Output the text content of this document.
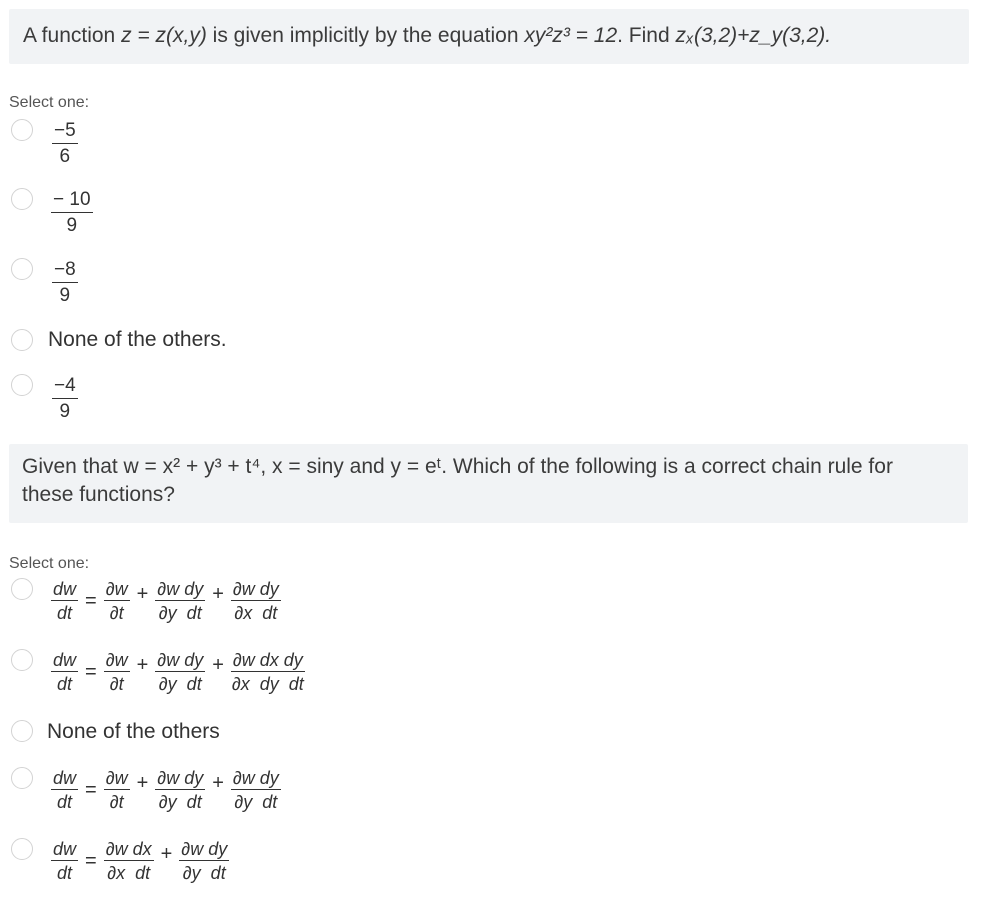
A function z = z(x,y) is given implicitly by the equation xy²z³ = 12. Find zₓ(3,2)+z_y(3,2).
Select one:
$\frac{-5}{6}$
$\frac{- 10}{9}$
$\frac{-8}{9}$
None of the others.
$\frac{-4}{9}$
Given that w = x² + y³ + t⁴, x = siny and y = eᵗ. Which of the following is a correct chain rule for
these functions?
Select one:
$\frac{dw}{dt} = \frac{\partial w}{\partial t} + \frac{\text{∂w dy}}{\text{∂y  dt}} + \frac{\text{∂w dy}}{\text{∂x  dt}}$
$\frac{dw}{dt} = \frac{\partial w}{\partial t} + \frac{\text{∂w dy}}{\text{∂y  dt}} + \frac{\text{∂w dx dy}}{\text{∂x  dy  dt}}$
None of the others
$\frac{dw}{dt} = \frac{\partial w}{\partial t} + \frac{\text{∂w dy}}{\text{∂y  dt}} + \frac{\text{∂w dy}}{\text{∂y  dt}}$
$\frac{dw}{dt} = \frac{\text{∂w dx}}{\text{∂x  dt}} + \frac{\text{∂w dy}}{\text{∂y  dt}}$
